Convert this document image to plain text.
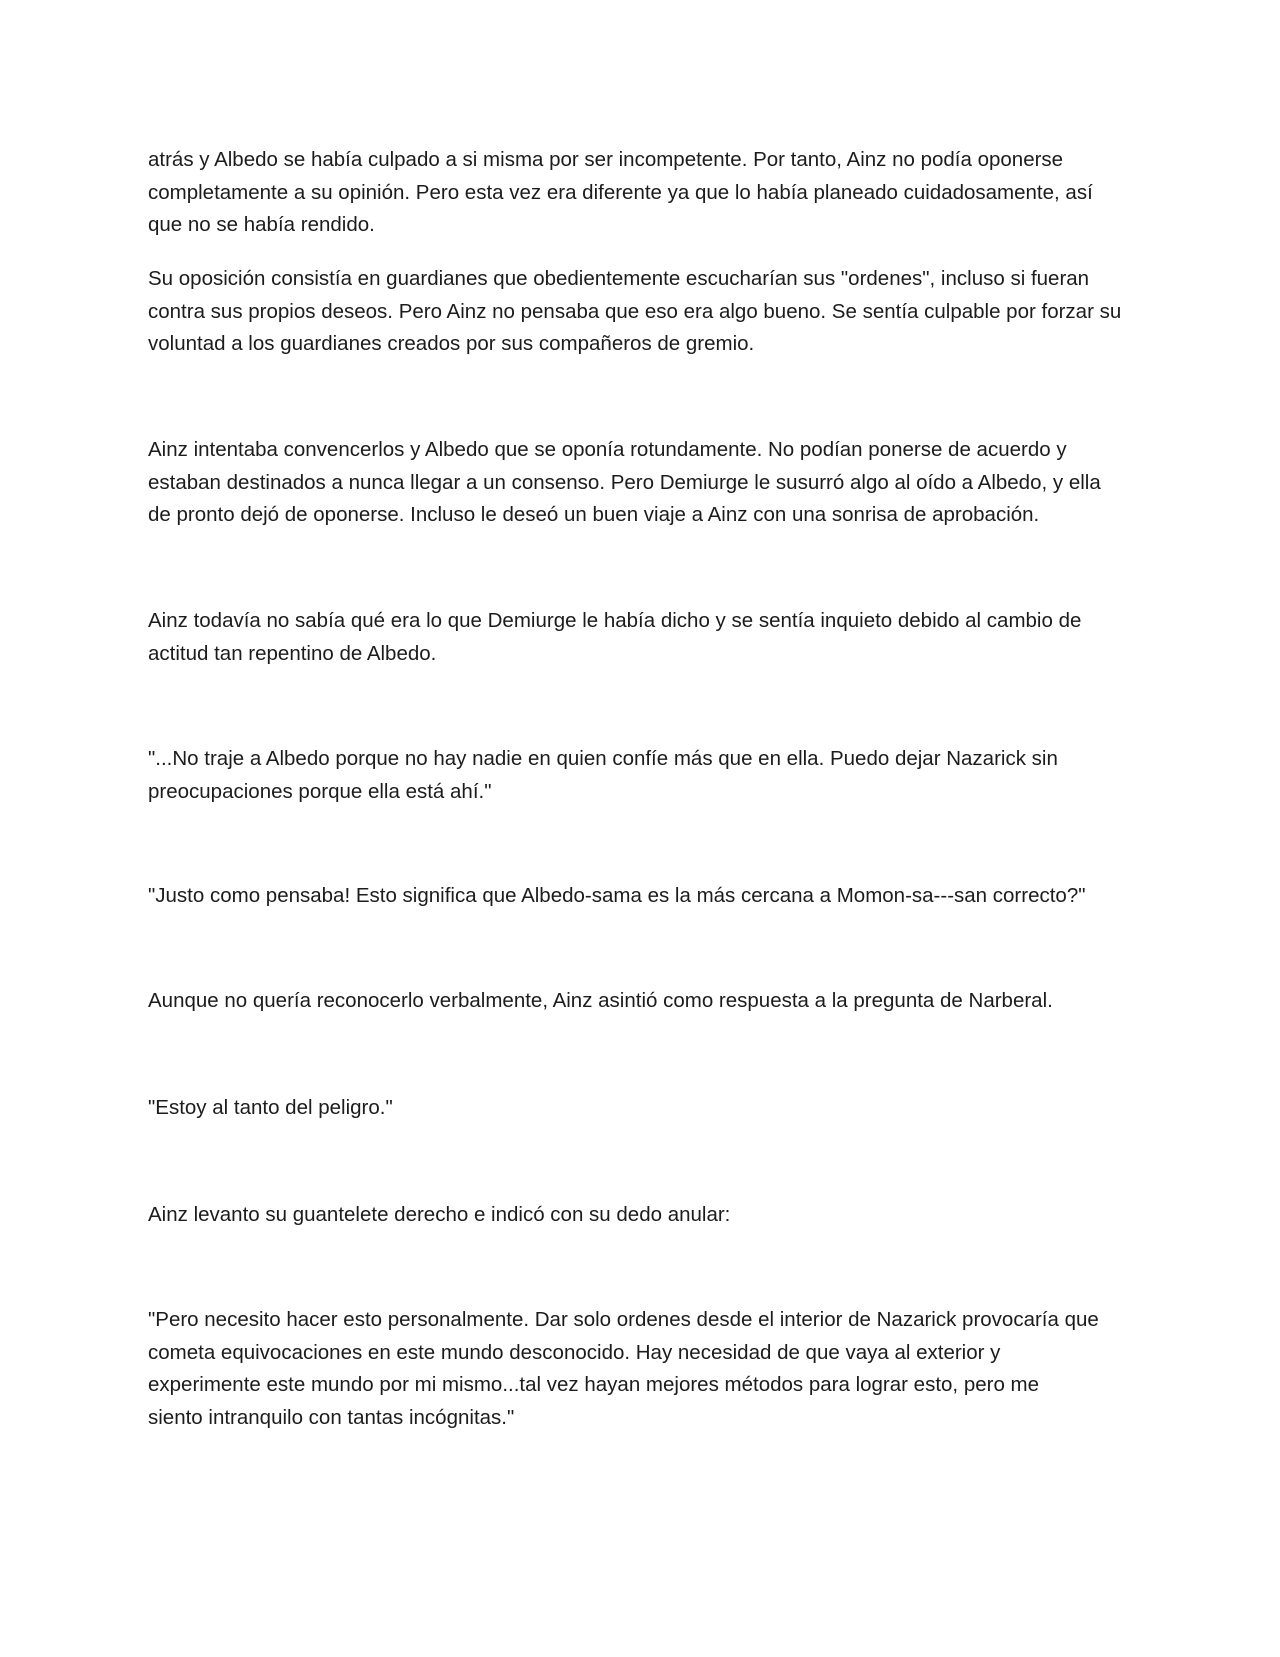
atrás y Albedo se había culpado a si misma por ser incompetente. Por tanto, Ainz no podía oponerse
completamente a su opinión. Pero esta vez era diferente ya que lo había planeado cuidadosamente, así
que no se había rendido.

Su oposición consistía en guardianes que obedientemente escucharían sus "ordenes", incluso si fueran
contra sus propios deseos. Pero Ainz no pensaba que eso era algo bueno. Se sentía culpable por forzar su
voluntad a los guardianes creados por sus compañeros de gremio.

Ainz intentaba convencerlos y Albedo que se oponía rotundamente. No podían ponerse de acuerdo y
estaban destinados a nunca llegar a un consenso. Pero Demiurge le susurró algo al oído a Albedo, y ella
de pronto dejó de oponerse. Incluso le deseó un buen viaje a Ainz con una sonrisa de aprobación.

Ainz todavía no sabía qué era lo que Demiurge le había dicho y se sentía inquieto debido al cambio de
actitud tan repentino de Albedo.

"...No traje a Albedo porque no hay nadie en quien confíe más que en ella. Puedo dejar Nazarick sin
preocupaciones porque ella está ahí."

"Justo como pensaba! Esto significa que Albedo-sama es la más cercana a Momon-sa---san correcto?"

Aunque no quería reconocerlo verbalmente, Ainz asintió como respuesta a la pregunta de Narberal.

"Estoy al tanto del peligro."

Ainz levanto su guantelete derecho e indicó con su dedo anular:

"Pero necesito hacer esto personalmente. Dar solo ordenes desde el interior de Nazarick provocaría que
cometa equivocaciones en este mundo desconocido. Hay necesidad de que vaya al exterior y
experimente este mundo por mi mismo...tal vez hayan mejores métodos para lograr esto, pero me
siento intranquilo con tantas incógnitas."
